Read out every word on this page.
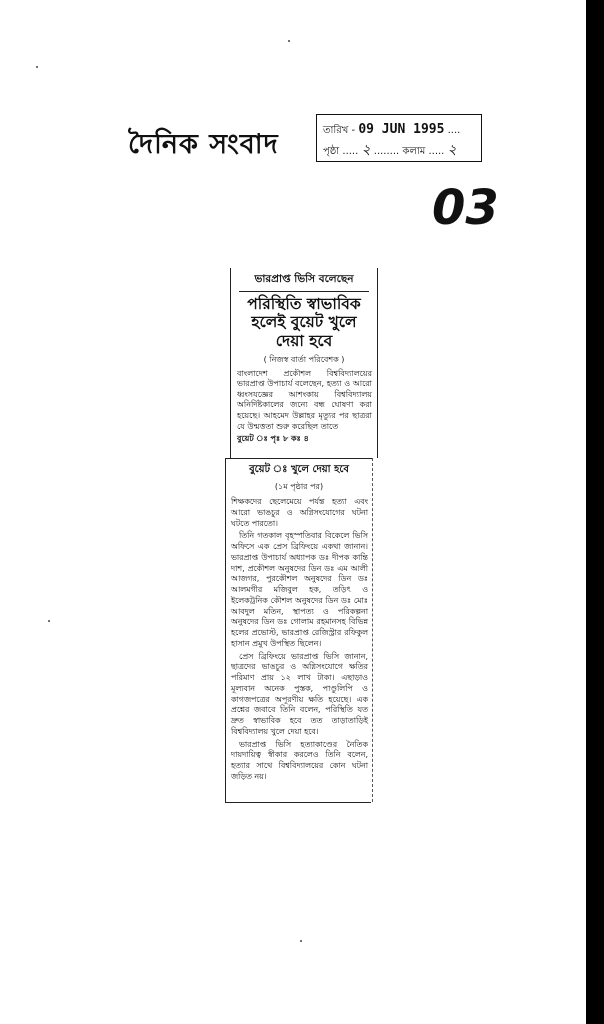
দৈনিক সংবাদ	তারিখ - 09 JUN 1995 ....
পৃষ্ঠা ..... ২ ........ কলাম ..... ২
03
ভারপ্রাপ্ত ভিসি বলেছেন
পরিস্থিতি স্বাভাবিক হলেই বুয়েট খুলে দেয়া হবে
( নিজস্ব বার্তা পরিবেশক )
বাংলাদেশ প্রকৌশল বিশ্ববিদ্যালয়ের ভারপ্রাপ্ত উপাচার্য বলেছেন, হত্যা ও আরো ধ্বংসযজ্ঞের আশংকায় বিশ্ববিদ্যালয় অনির্দিষ্টকালের জন্যে বন্ধ ঘোষণা করা হয়েছে। আহমেদ উল্লাহর মৃত্যুর পর ছাত্ররা যে উন্মত্ততা শুরু করেছিল তাতে
বুয়েট ঃ পৃঃ ৮ কঃ ৪
বুয়েট ঃ খুলে দেয়া হবে
(১ম পৃষ্ঠার পর)

শিক্ষকদের ছেলেমেয়ে পর্যন্ত হত্যা এবং আরো ভাঙচুর ও অগ্নিসংযোগের ঘটনা ঘটতে পারতো।

তিনি গতকাল বৃহস্পতিবার বিকেলে ভিসি অফিসে এক প্রেস ব্রিফিংয়ে একথা জানান। ভারপ্রাপ্ত উপাচার্য অধ্যাপক ডঃ দীপক কান্তি দাশ, প্রকৌশল অনুষদের ডিন ডঃ এম আলী আজগর, পুরকৌশল অনুষদের ডিন ডঃ আলমগীর মজিবুল হক, তড়িৎ ও ইলেকট্রনিক কৌশল অনুষদের ডিন ডঃ মোঃ আবদুল মতিন, স্থাপত্য ও পরিকল্পনা অনুষদের ডিন ডঃ গোলাম রহমানসহ বিভিন্ন হলের প্রভোস্ট, ভারপ্রাপ্ত রেজিস্ট্রার রফিকুল হাসান প্রমুখ উপস্থিত ছিলেন।

প্রেস ব্রিফিংয়ে ভারপ্রাপ্ত ভিসি জানান, ছাত্রদের ভাঙচুর ও অগ্নিসংযোগে ক্ষতির পরিমাণ প্রায় ১২ লাখ টাকা। এছাড়াও মূল্যবান অনেক পুস্তক, পাণ্ডুলিপি ও কাগজপত্রের অপূরণীয় ক্ষতি হয়েছে। এক প্রশ্নের জবাবে তিনি বলেন, পরিস্থিতি যত দ্রুত স্বাভাবিক হবে তত তাড়াতাড়িই বিশ্ববিদ্যালয় খুলে দেয়া হবে।

ভারপ্রাপ্ত ভিসি হত্যাকাণ্ডের নৈতিক দায়দায়িত্ব স্বীকার করলেও তিনি বলেন, হত্যার সাথে বিশ্ববিদ্যালয়ের কোন ঘটনা জড়িত নয়।
